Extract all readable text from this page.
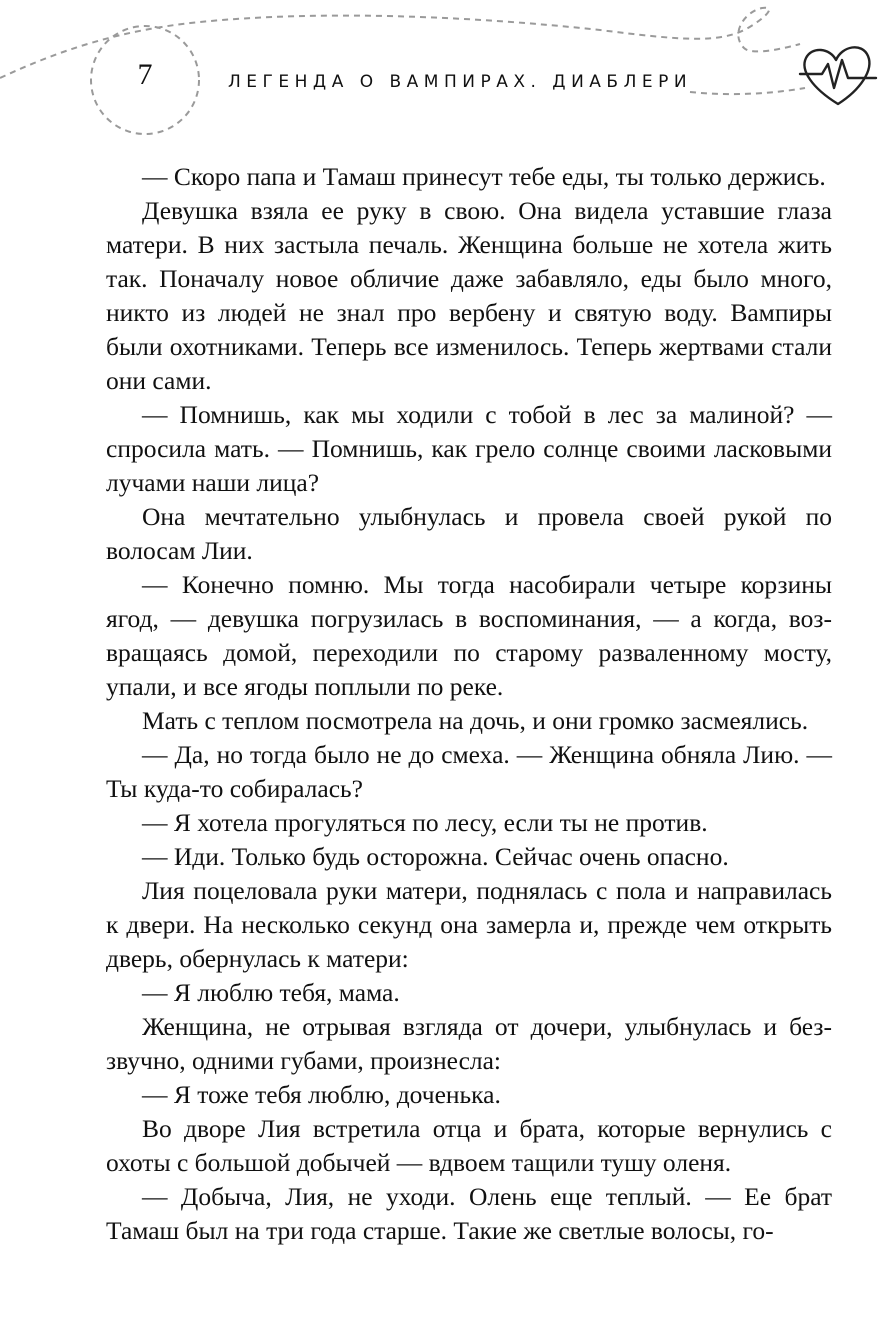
7	ЛЕГЕНДА О ВАМПИРАХ. ДИАБЛЕРИ

— Скоро папа и Тамаш принесут тебе еды, ты только держись.

Девушка взяла ее руку в свою. Она видела уставшие глаза матери. В них застыла печаль. Женщина больше не хотела жить так. Поначалу новое обличие даже забавляло, еды было много, никто из людей не знал про вербену и святую воду. Вампиры были охотниками. Теперь все изменилось. Теперь жертвами стали они сами.

— Помнишь, как мы ходили с тобой в лес за малиной? — спросила мать. — Помнишь, как грело солнце своими ласковыми лучами наши лица?

Она мечтательно улыбнулась и провела своей рукой по волосам Лии.

— Конечно помню. Мы тогда насобирали четыре корзины ягод, — девушка погрузилась в воспоминания, — а когда, возвращаясь домой, переходили по старому разваленному мосту, упали, и все ягоды поплыли по реке.

Мать с теплом посмотрела на дочь, и они громко засмеялись.

— Да, но тогда было не до смеха. — Женщина обняла Лию. — Ты куда-то собиралась?

— Я хотела прогуляться по лесу, если ты не против.

— Иди. Только будь осторожна. Сейчас очень опасно.

Лия поцеловала руки матери, поднялась с пола и направилась к двери. На несколько секунд она замерла и, прежде чем открыть дверь, обернулась к матери:

— Я люблю тебя, мама.

Женщина, не отрывая взгляда от дочери, улыбнулась и беззвучно, одними губами, произнесла:

— Я тоже тебя люблю, доченька.

Во дворе Лия встретила отца и брата, которые вернулись с охоты с большой добычей — вдвоем тащили тушу оленя.

— Добыча, Лия, не уходи. Олень еще теплый. — Ее брат Тамаш был на три года старше. Такие же светлые волосы, го-
